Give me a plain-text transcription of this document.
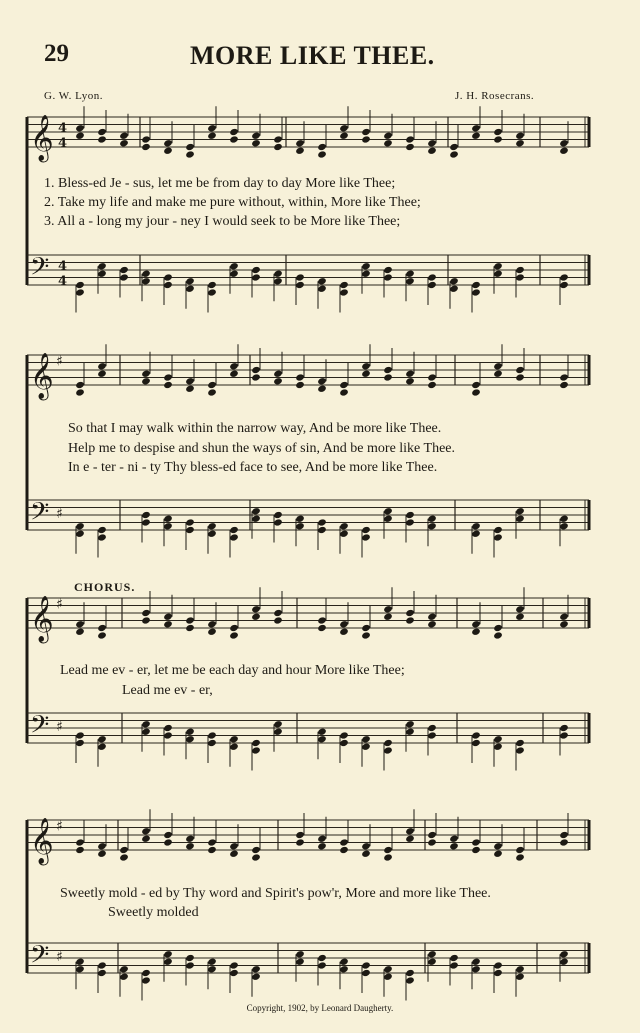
29	MORE LIKE THEE.
G. W. Lyon.	J. H. Rosecrans.
𝄞 4
4
𝄢 4
4
𝄞 ♯
𝄢 ♯
𝄞 ♯
𝄢 ♯
𝄞 ♯
𝄢 ♯
1. Bless-ed Je - sus, let me be from day to day More like Thee;
2. Take my life and make me pure without, within, More like Thee;
3. All a - long my jour - ney I would seek to be More like Thee;
So that I may walk within the narrow way, And be more like Thee.
Help me to despise and shun the ways of sin, And be more like Thee.
In e - ter - ni - ty Thy bless-ed face to see, And be more like Thee.
CHORUS.
Lead me ev - er, let me be each day and hour More like Thee;
Lead me ev - er,
Sweetly mold - ed by Thy word and Spirit's pow'r, More and more like Thee.
Sweetly molded
Copyright, 1902, by Leonard Daugherty.
